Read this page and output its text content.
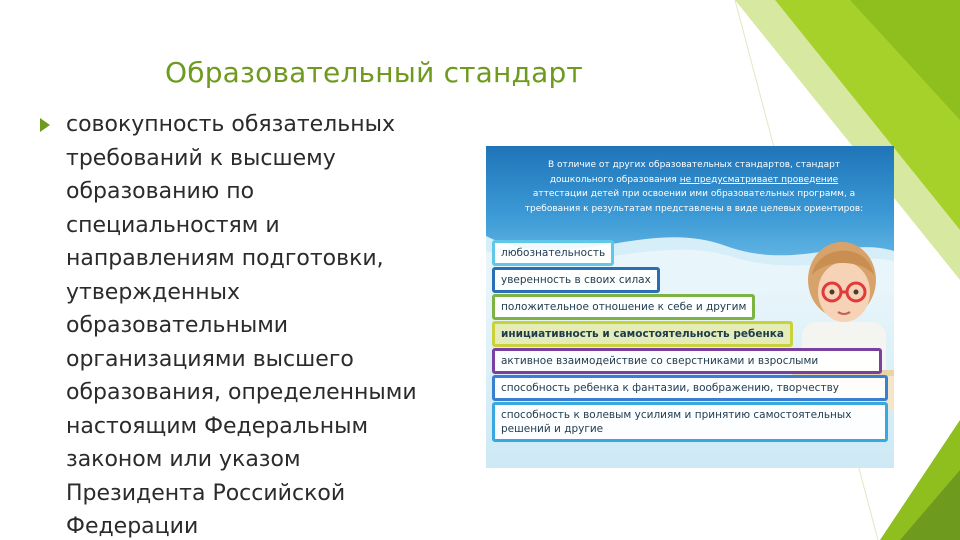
Образовательный стандарт
совокупность обязательных
требований к высшему
образованию по
специальностям и
направлениям подготовки,
утвержденных
образовательными
организациями высшего
образования, определенными
настоящим Федеральным
законом или указом
Президента Российской
Федерации
В отличие от других образовательных стандартов, стандарт
дошкольного образования не предусматривает проведение
аттестации детей при освоении ими образовательных программ, а
требования к результатам представлены в виде целевых ориентиров:
любознательность
уверенность в своих силах
положительное отношение к себе и другим
инициативность и самостоятельность ребенка
активное взаимодействие со сверстниками и взрослыми
способность ребенка к фантазии, воображению, творчеству
способность к волевым усилиям и принятию самостоятельных решений и другие
